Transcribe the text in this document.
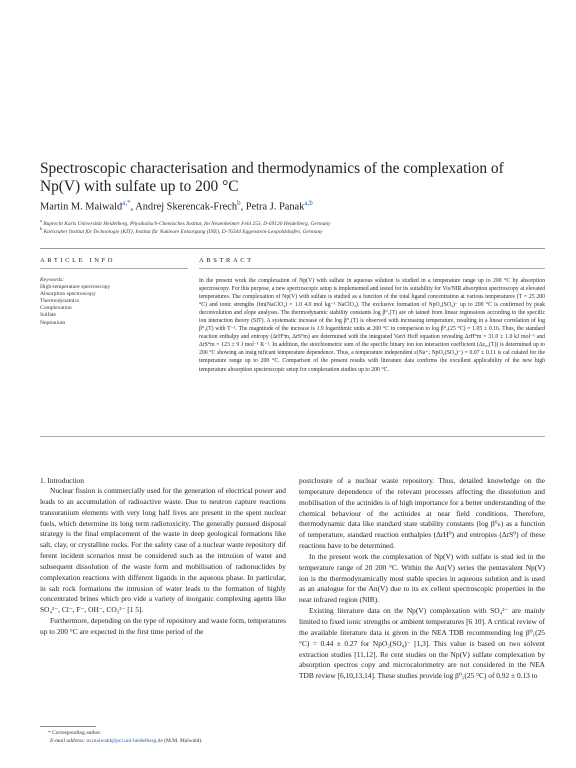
Spectroscopic characterisation and thermodynamics of the complexation of Np(V) with sulfate up to 200 °C
Martin M. Maiwald$^{a,*}$, Andrej Skerencak-Frech$^b$, Petra J. Panak$^{a,b}$
$^a$ Ruprecht Karls Universität Heidelberg, Physikalisch-Chemisches Institut, Im Neuenheimer Feld 253, D-69120 Heidelberg, Germany
$^b$ Karlsruher Institut für Technologie (KIT), Institut für Nukleare Entsorgung (INE), D-76344 Eggenstein-Leopoldshafen, Germany
ARTICLE INFO	ABSTRACT
Keywords:
High-temperature spectroscopy
Absorption spectroscopy
Thermodynamics
Complexation
Sulfate
Neptunium

In the present work the complexation of Np(V) with sulfate in aqueous solution is studied in a temperature range up to 200 °C by absorption spectroscopy. For this purpose, a new spectroscopic setup is implemented and tested for its suitability for Vis/NIR absorption spectroscopy at elevated temperatures. The complexation of Np(V) with sulfate is studied as a function of the total ligand concentration at various temperatures (T = 25 200 °C) and ionic strengths (Im(NaClO₄) = 1.0 4.0 mol kg⁻¹ NaClO₄). The exclusive formation of NpO₂(SO₄)⁻ up to 200 °C is confirmed by peak deconvolution and slope analyses. The thermodynamic stability constants log β⁰₁(T) are ob tained from linear regressions according to the specific ion interaction theory (SIT). A systematic increase of the log β⁰₁(T) is observed with increasing temperature, resulting in a linear correlation of log β⁰₁(T) with T⁻¹. The magnitude of the increase is 1.9 logarithmic units at 200 °C in comparison to log β⁰₁(25 °C) = 1.05 ± 0.16. Thus, the standard reaction enthalpy and entropy (ΔrH⁰m, ΔrS⁰m) are determined with the integrated Van't Hoff equation revealing ΔrH⁰m = 31.0 ± 1.0 kJ mol⁻¹ and ΔrS⁰m = 123 ± 9 J mol⁻¹ K⁻¹. In addition, the stoichiometric sum of the specific binary ion ion interaction coefficient (Δε₀₁(T)) is determined up to 200 °C showing an insig nificant temperature dependence. Thus, a temperature independent ε(Na⁺; NpO₂(SO₄)⁻) = 0.07 ± 0.11 is cal culated for the temperature range up to 200 °C. Comparison of the present results with literature data confirms the excellent applicability of the new high temperature absorption spectroscopic setup for complexation studies up to 200 °C.

1. Introduction

Nuclear fission is commercially used for the generation of electrical power and leads to an accumulation of radioactive waste. Due to neutron capture reactions transuranium elements with very long half lives are present in the spent nuclear fuels, which determine its long term radiotoxicity. The generally pursued disposal strategy is the final emplacement of the waste in deep geological formations like salt, clay, or crystalline rocks. For the safety case of a nuclear waste repository dif ferent incident scenarios must be considered such as the intrusion of water and subsequent dissolution of the waste form and mobilisation of radionuclides by complexation reactions with different ligands in the aqueous phase. In particular, in salt rock formations the intrusion of water leads to the formation of highly concentrated brines which pro vide a variety of inorganic complexing agents like SO₄²⁻, Cl⁻, F⁻, OH⁻, CO₃²⁻ [1 5].

Furthermore, depending on the type of repository and waste form, temperatures up to 200 °C are expected in the first time period of the

postclosure of a nuclear waste repository. Thus, detailed knowledge on the temperature dependence of the relevant processes affecting the dissolution and mobilisation of the actinides is of high importance for a better understanding of the chemical behaviour of the actinides at near field conditions. Therefore, thermodynamic data like standard state stability constants (log β⁰ₙ) as a function of temperature, standard reaction enthalpies (ΔrH⁰) and entropies (ΔrS⁰) of these reactions have to be determined.

In the present work the complexation of Np(V) with sulfate is stud ied in the temperature range of 20 200 °C. Within the An(V) series the pentavalent Np(V) ion is the thermodynamically most stable species in aqueous solution and is used as an analogue for the An(V) due to its ex cellent spectroscopic properties in the near infrared region (NIR).

Existing literature data on the Np(V) complexation with SO₄²⁻ are mainly limited to fixed ionic strengths or ambient temperatures [6 10]. A critical review of the available literature data is given in the NEA TDB recommending log β⁰₁(25 °C) = 0.44 ± 0.27 for NpO₂(SO₄)⁻ [1,3]. This value is based on two solvent extraction studies [11,12]. Re cent studies on the Np(V) sulfate complexation by absorption spectros copy and microcalorimetry are not considered in the NEA TDB review [6,10,13,14]. These studies provide log β⁰₁(25 °C) of 0.92 ± 0.13 to

* Corresponding author.
E-mail address: m.maiwald@pci.uni-heidelberg.de (M.M. Maiwald).
